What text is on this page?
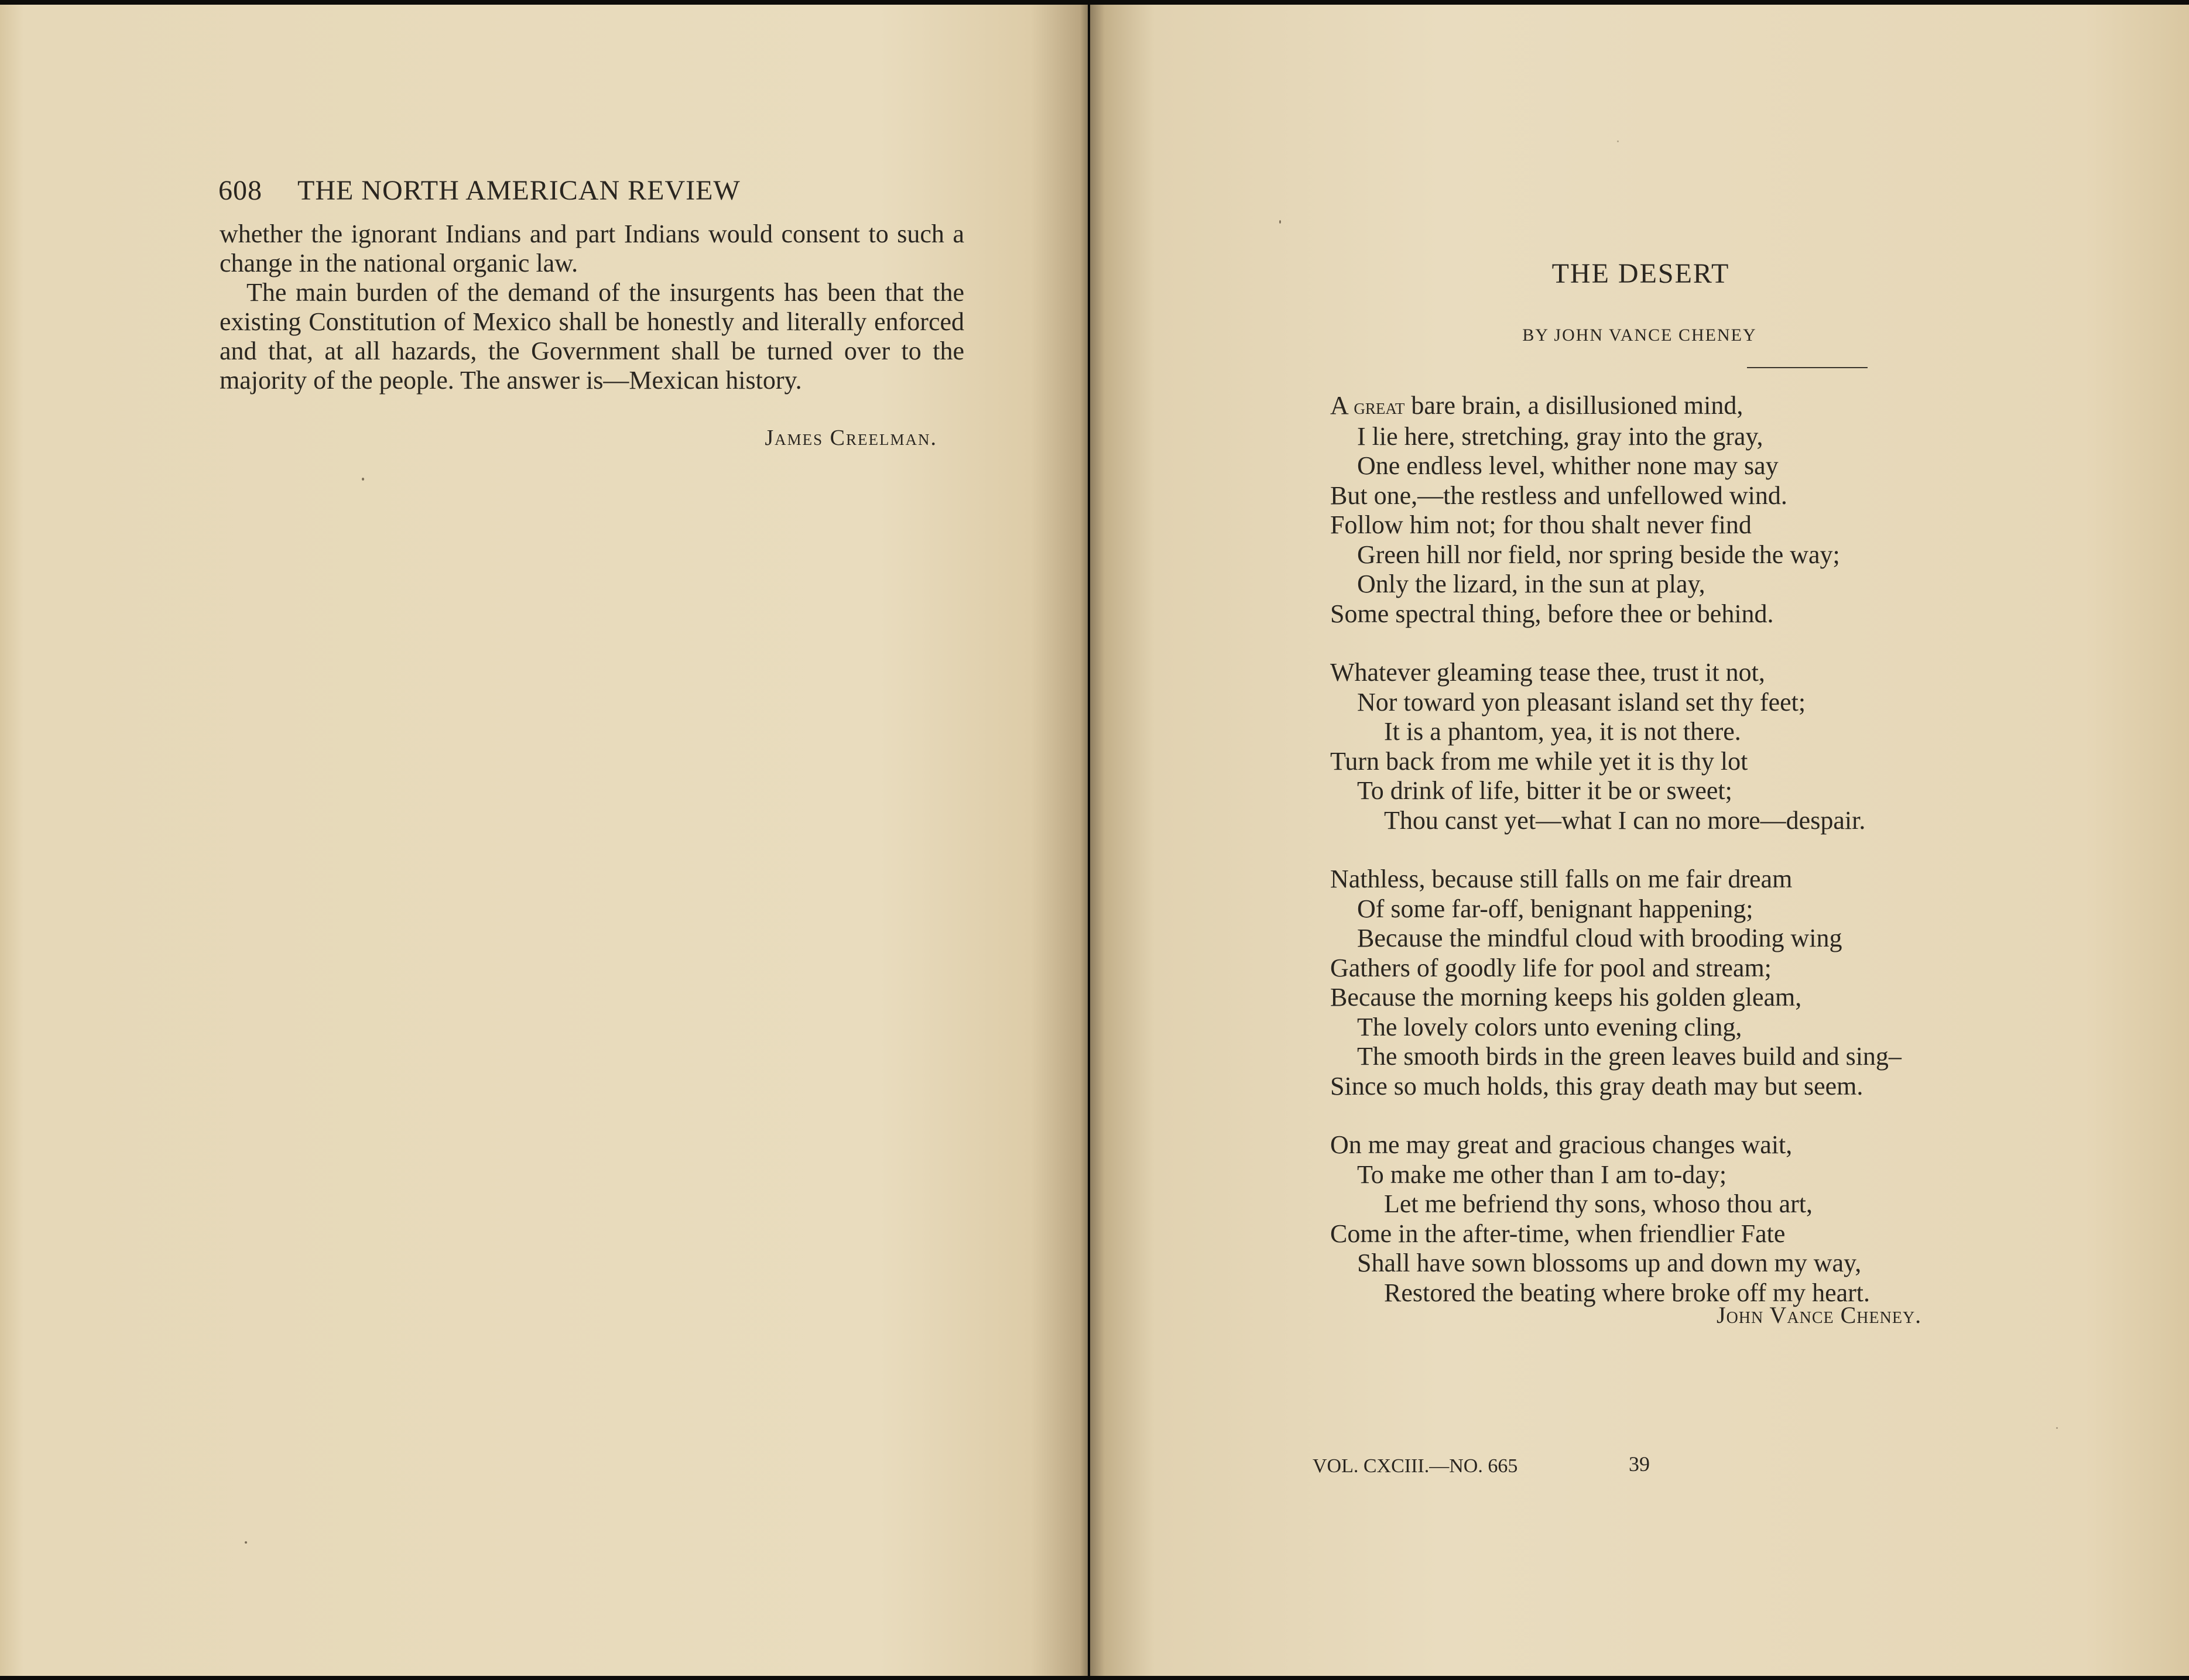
608 THE NORTH AMERICAN REVIEW

whether the ignorant Indians and part Indians would consent to such a change in the national organic law.

The main burden of the demand of the insurgents has been that the existing Constitution of Mexico shall be honestly and literally enforced and that, at all hazards, the Government shall be turned over to the majority of the people. The answer is—Mexican history.

James Creelman.
THE DESERT
BY JOHN VANCE CHENEY
A great bare brain, a disillusioned mind,
I lie here, stretching, gray into the gray,
One endless level, whither none may say
But one,—the restless and unfellowed wind.
Follow him not; for thou shalt never find
Green hill nor field, nor spring beside the way;
Only the lizard, in the sun at play,
Some spectral thing, before thee or behind.
Whatever gleaming tease thee, trust it not,
Nor toward yon pleasant island set thy feet;
It is a phantom, yea, it is not there.
Turn back from me while yet it is thy lot
To drink of life, bitter it be or sweet;
Thou canst yet—what I can no more—despair.
Nathless, because still falls on me fair dream
Of some far-off, benignant happening;
Because the mindful cloud with brooding wing
Gathers of goodly life for pool and stream;
Because the morning keeps his golden gleam,
The lovely colors unto evening cling,
The smooth birds in the green leaves build and sing–
Since so much holds, this gray death may but seem.
On me may great and gracious changes wait,
To make me other than I am to-day;
Let me befriend thy sons, whoso thou art,
Come in the after-time, when friendlier Fate
Shall have sown blossoms up and down my way,
Restored the beating where broke off my heart.
John Vance Cheney.
VOL. CXCIII.—NO. 665	39
